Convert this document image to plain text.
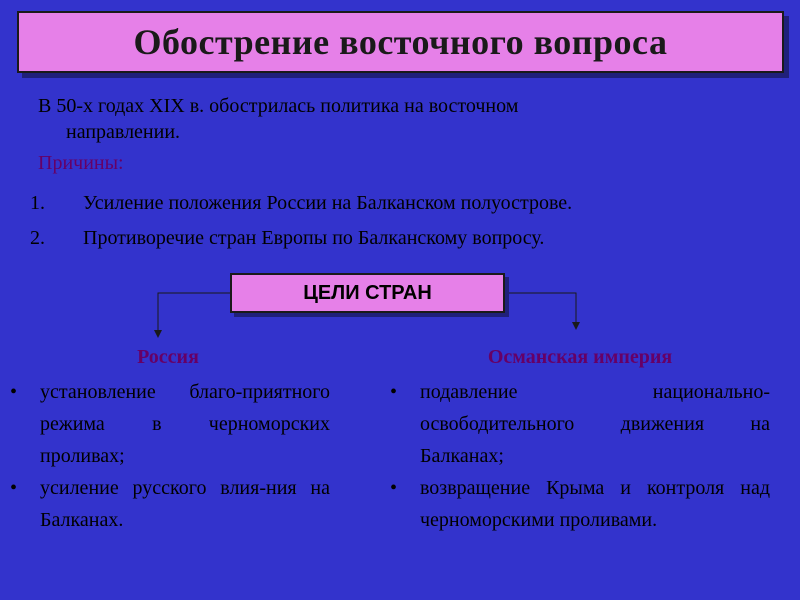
Обострение восточного вопроса
В 50-х годах XIX в. обострилась политика на восточном
направлении.
Причины:
1. Усиление положения России на Балканском полуострове.
2. Противоречие стран Европы по Балканскому вопросу.
ЦЕЛИ СТРАН
Россия
• установление благо-приятного режима в черноморских проливах;
• усиление русского влия-ния на Балканах.
Османская империя
• подавление национально-освободительного движения на Балканах;
• возвращение Крыма и контроля над черноморскими проливами.
